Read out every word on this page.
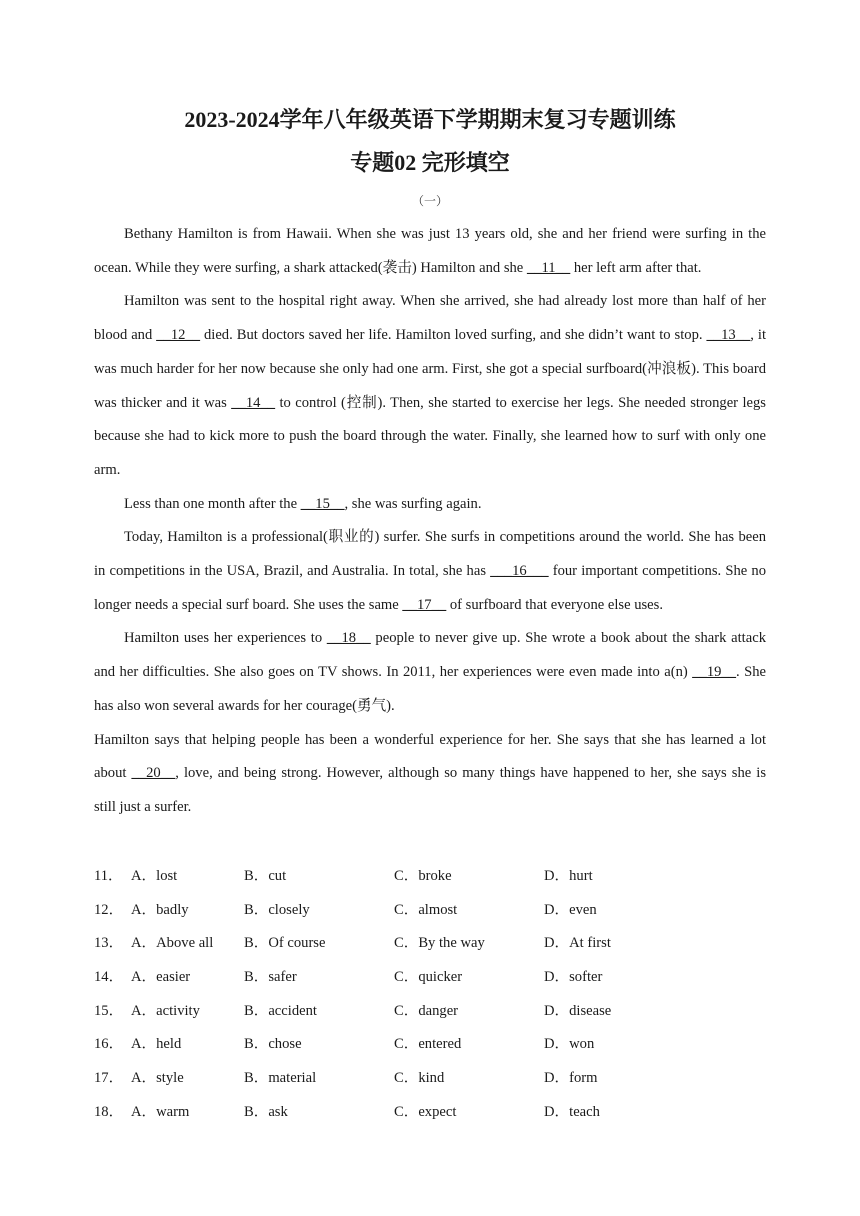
2023-2024学年八年级英语下学期期末复习专题训练
专题02 完形填空
（一）

Bethany Hamilton is from Hawaii. When she was just 13 years old, she and her friend were surfing in the ocean. While they were surfing, a shark attacked(袭击) Hamilton and she __11__ her left arm after that.

Hamilton was sent to the hospital right away. When she arrived, she had already lost more than half of her blood and __12__ died. But doctors saved her life. Hamilton loved surfing, and she didn’t want to stop. __13__, it was much harder for her now because she only had one arm. First, she got a special surfboard(冲浪板). This board was thicker and it was __14__ to control (控制). Then, she started to exercise her legs. She needed stronger legs because she had to kick more to push the board through the water. Finally, she learned how to surf with only one arm.

Less than one month after the __15__, she was surfing again.

Today, Hamilton is a professional(职业的) surfer. She surfs in competitions around the world. She has been in competitions in the USA, Brazil, and Australia. In total, she has ___16___ four important competitions. She no longer needs a special surf board. She uses the same __17__ of surfboard that everyone else uses.

Hamilton uses her experiences to __18__ people to never give up. She wrote a book about the shark attack and her difficulties. She also goes on TV shows. In 2011, her experiences were even made into a(n) __19__. She has also won several awards for her courage(勇气).

Hamilton says that helping people has been a wonderful experience for her. She says that she has learned a lot about __20__, love, and being strong. However, although so many things have happened to her, she says she is still just a surfer.

11． A．lost	B．cut	C．broke	D．hurt
12． A．badly	B．closely	C．almost	D．even
13． A．Above all B．Of course	C．By the way	D．At first
14． A．easier	B．safer	C．quicker	D．softer
15． A．activity	B．accident	C．danger	D．disease
16． A．held	B．chose	C．entered	D．won
17． A．style	B．material	C．kind	D．form
18． A．warm	B．ask	C．expect	D．teach
